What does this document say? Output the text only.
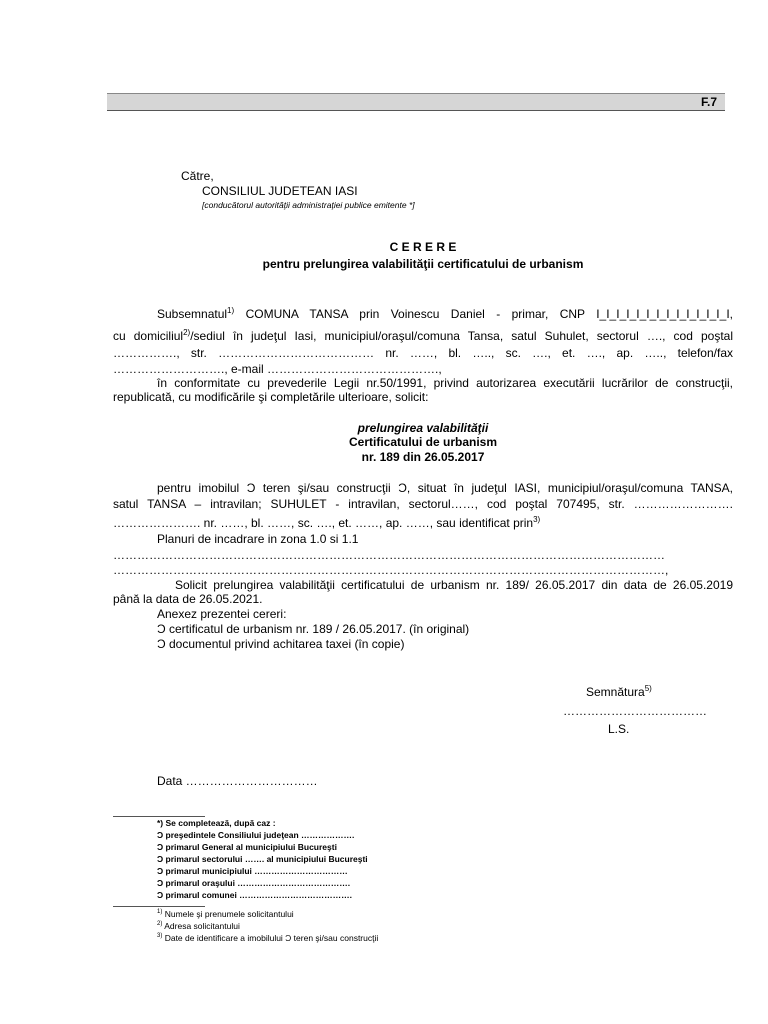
F.7
Către,
CONSILIUL JUDETEAN IASI
[conducătorul autorităţii administraţiei publice emitente *]
C E R E R E
pentru prelungirea valabilităţii certificatului de urbanism
Subsemnatul$^{1)}$ COMUNA TANSA prin Voinescu Daniel - primar, CNP I_I_I_I_I_I_I_I_I_I_I_I_I_I,
cu domiciliul$^{2)}$/sediul în judeţul Iasi, municipiul/oraşul/comuna Tansa, satul Suhulet, sectorul …., cod poştal
……………., str. ………………………………… nr. ……, bl. ….., sc. …., et. …., ap. ….., telefon/fax
………………………., e-mail …………………………………….,
în conformitate cu prevederile Legii nr.50/1991, privind autorizarea executării lucrărilor de construcţii,
republicată, cu modificările şi completările ulterioare, solicit:
prelungirea valabilităţii
Certificatului de urbanism
nr. 189 din 26.05.2017
pentru imobilul Ɔ teren şi/sau construcţii Ɔ, situat în judeţul IASI, municipiul/oraşul/comuna TANSA,
satul TANSA – intravilan; SUHULET - intravilan, sectorul……, cod poştal 707495, str. …………………….
…………………. nr. ……, bl. ……, sc. …., et. ……, ap. ……, sau identificat prin$^{3)}$
Planuri de incadrare in zona 1.0 si 1.1
…………………………………………………………………………………………………………………………
…………………………………………………………………………………………………………………………,
Solicit prelungirea valabilităţii certificatului de urbanism nr. 189/ 26.05.2017 din data de 26.05.2019
până la data de 26.05.2021.
Anexez prezentei cereri:
Ɔ certificatul de urbanism nr. 189 / 26.05.2017. (în original)
Ɔ documentul privind achitarea taxei (în copie)
Semnătura$^{5)}$
………………………………
L.S.
Data ……………………………
*) Se completează, după caz :
Ɔ preşedintele Consiliului judeţean ……………….
Ɔ primarul General al municipiului Bucureşti
Ɔ primarul sectorului ……. al municipiului Bucureşti
Ɔ primarul municipiului ……………………………
Ɔ primarul oraşului ………………………………….
Ɔ primarul comunei ………………………………….
$^{1)}$ Numele şi prenumele solicitantului
$^{2)}$ Adresa solicitantului
$^{3)}$ Date de identificare a imobilului Ɔ teren şi/sau construcţii
